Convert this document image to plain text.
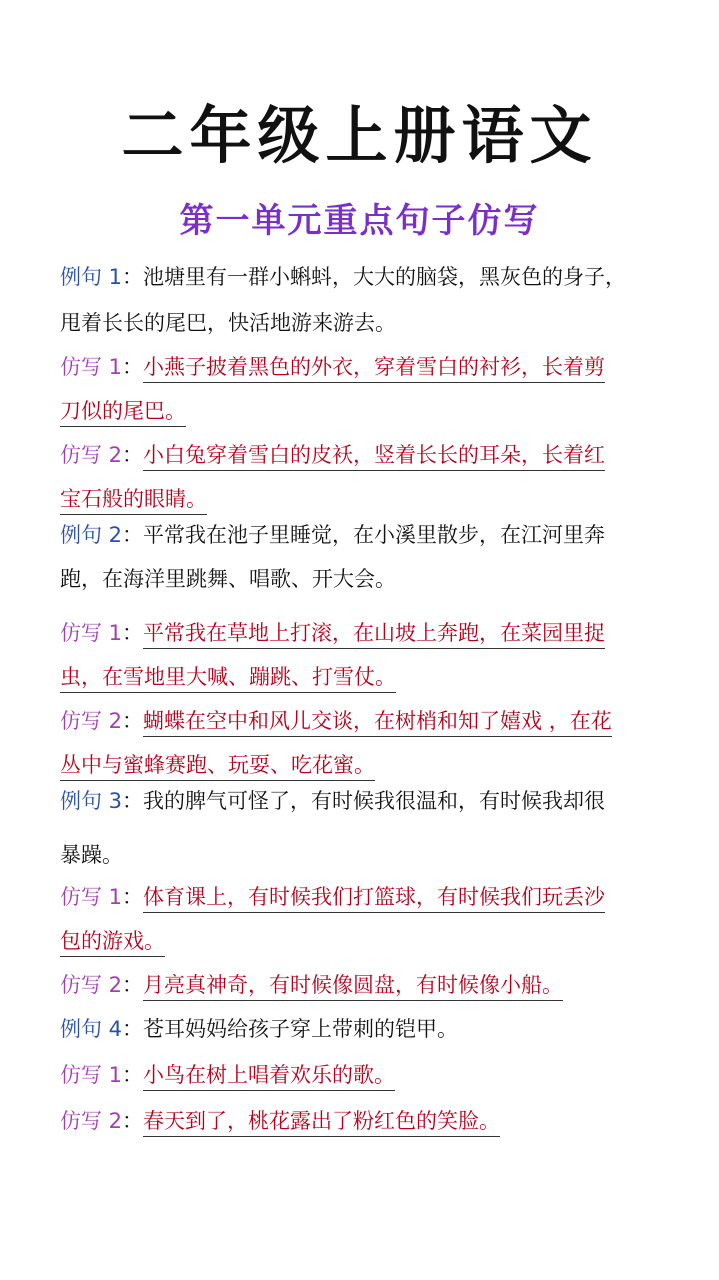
二年级上册语文
第一单元重点句子仿写
例句 1：池塘里有一群小蝌蚪，大大的脑袋，黑灰色的身子，
甩着长长的尾巴，快活地游来游去。
仿写 1：小燕子披着黑色的外衣，穿着雪白的衬衫，长着剪
刀似的尾巴。
仿写 2：小白兔穿着雪白的皮袄，竖着长长的耳朵，长着红
宝石般的眼睛。
例句 2：平常我在池子里睡觉，在小溪里散步，在江河里奔
跑，在海洋里跳舞、唱歌、开大会。
仿写 1：平常我在草地上打滚，在山坡上奔跑，在菜园里捉
虫，在雪地里大喊、蹦跳、打雪仗。
仿写 2：蝴蝶在空中和风儿交谈，在树梢和知了嬉戏 ，在花
丛中与蜜蜂赛跑、玩耍、吃花蜜。
例句 3：我的脾气可怪了，有时候我很温和，有时候我却很
暴躁。
仿写 1：体育课上，有时候我们打篮球，有时候我们玩丢沙
包的游戏。
仿写 2：月亮真神奇，有时候像圆盘，有时候像小船。
例句 4：苍耳妈妈给孩子穿上带刺的铠甲。
仿写 1：小鸟在树上唱着欢乐的歌。
仿写 2：春天到了，桃花露出了粉红色的笑脸。
